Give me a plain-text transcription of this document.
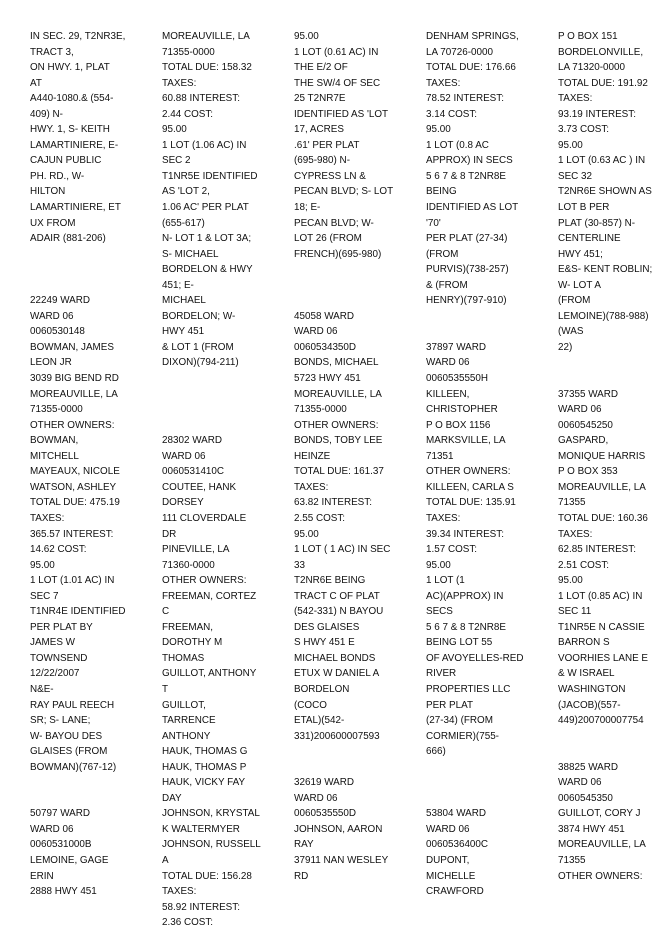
IN SEC. 29, T2NR3E,
TRACT 3,
ON HWY. 1, PLAT
AT
A440-1080.& (554-
409) N-
HWY. 1, S- KEITH
LAMARTINIERE, E-
CAJUN PUBLIC
PH. RD., W-
HILTON
LAMARTINIERE, ET
UX FROM
ADAIR (881-206)
22249 WARD
WARD 06
0060530148
BOWMAN, JAMES
LEON JR
3039 BIG BEND RD
MOREAUVILLE, LA
71355-0000
OTHER OWNERS:
BOWMAN,
MITCHELL
MAYEAUX, NICOLE
WATSON, ASHLEY
TOTAL DUE: 475.19
TAXES:
365.57 INTEREST:
14.62 COST:
95.00
1 LOT (1.01 AC) IN
SEC 7
T1NR4E IDENTIFIED
PER PLAT BY
JAMES W
TOWNSEND
12/22/2007
N&E-
RAY PAUL REECH
SR; S- LANE;
W- BAYOU DES
GLAISES (FROM
BOWMAN)(767-12)
50797 WARD
WARD 06
0060531000B
LEMOINE, GAGE
ERIN
2888 HWY 451
MOREAUVILLE, LA
71355-0000
TOTAL DUE: 158.32
TAXES:
60.88 INTEREST:
2.44 COST:
95.00
1 LOT (1.06 AC) IN
SEC 2
T1NR5E IDENTIFIED
AS 'LOT 2,
1.06 AC' PER PLAT
(655-617)
N- LOT 1 & LOT 3A;
S- MICHAEL
BORDELON & HWY
451; E-
MICHAEL
BORDELON; W-
HWY 451
& LOT 1 (FROM
DIXON)(794-211)
28302 WARD
WARD 06
0060531410C
COUTEE, HANK
DORSEY
111 CLOVERDALE
DR
PINEVILLE, LA
71360-0000
OTHER OWNERS:
FREEMAN, CORTEZ
C
FREEMAN,
DOROTHY M
THOMAS
GUILLOT, ANTHONY
T
GUILLOT,
TARRENCE
ANTHONY
HAUK, THOMAS G
HAUK, THOMAS P
HAUK, VICKY FAY
DAY
JOHNSON, KRYSTAL
K WALTERMYER
JOHNSON, RUSSELL
A
TOTAL DUE: 156.28
TAXES:
58.92 INTEREST:
2.36 COST:
95.00
1 LOT (0.61 AC) IN
THE E/2 OF
THE SW/4 OF SEC
25 T2NR7E
IDENTIFIED AS 'LOT
17, ACRES
.61' PER PLAT
(695-980) N-
CYPRESS LN &
PECAN BLVD; S- LOT
18; E-
PECAN BLVD; W-
LOT 26 (FROM
FRENCH)(695-980)
45058 WARD
WARD 06
0060534350D
BONDS, MICHAEL
5723 HWY 451
MOREAUVILLE, LA
71355-0000
OTHER OWNERS:
BONDS, TOBY LEE
HEINZE
TOTAL DUE: 161.37
TAXES:
63.82 INTEREST:
2.55 COST:
95.00
1 LOT ( 1 AC) IN SEC
33
T2NR6E BEING
TRACT C OF PLAT
(542-331) N BAYOU
DES GLAISES
S HWY 451 E
MICHAEL BONDS
ETUX W DANIEL A
BORDELON
(COCO
ETAL)(542-
331)200600007593
32619 WARD
WARD 06
0060535550D
JOHNSON, AARON
RAY
37911 NAN WESLEY
RD
DENHAM SPRINGS,
LA 70726-0000
TOTAL DUE: 176.66
TAXES:
78.52 INTEREST:
3.14 COST:
95.00
1 LOT (0.8 AC
APPROX) IN SECS
5 6 7 & 8 T2NR8E
BEING
IDENTIFIED AS LOT
'70'
PER PLAT (27-34)
(FROM
PURVIS)(738-257)
& (FROM
HENRY)(797-910)
37897 WARD
WARD 06
0060535550H
KILLEEN,
CHRISTOPHER
P O BOX 1156
MARKSVILLE, LA
71351
OTHER OWNERS:
KILLEEN, CARLA S
TOTAL DUE: 135.91
TAXES:
39.34 INTEREST:
1.57 COST:
95.00
1 LOT (1
AC)(APPROX) IN
SECS
5 6 7 & 8 T2NR8E
BEING LOT 55
OF AVOYELLES-RED
RIVER
PROPERTIES LLC
PER PLAT
(27-34) (FROM
CORMIER)(755-
666)
53804 WARD
WARD 06
0060536400C
DUPONT,
MICHELLE
CRAWFORD
P O BOX 151
BORDELONVILLE,
LA 71320-0000
TOTAL DUE: 191.92
TAXES:
93.19 INTEREST:
3.73 COST:
95.00
1 LOT (0.63 AC ) IN
SEC 32
T2NR6E SHOWN AS
LOT B PER
PLAT (30-857) N-
CENTERLINE
HWY 451;
E&S- KENT ROBLIN;
W- LOT A
(FROM
LEMOINE)(788-988)
(WAS
22)
37355 WARD
WARD 06
0060545250
GASPARD,
MONIQUE HARRIS
P O BOX 353
MOREAUVILLE, LA
71355
TOTAL DUE: 160.36
TAXES:
62.85 INTEREST:
2.51 COST:
95.00
1 LOT (0.85 AC) IN
SEC 11
T1NR5E N CASSIE
BARRON S
VOORHIES LANE E
& W ISRAEL
WASHINGTON
(JACOB)(557-
449)200700007754
38825 WARD
WARD 06
0060545350
GUILLOT, CORY J
3874 HWY 451
MOREAUVILLE, LA
71355
OTHER OWNERS:
